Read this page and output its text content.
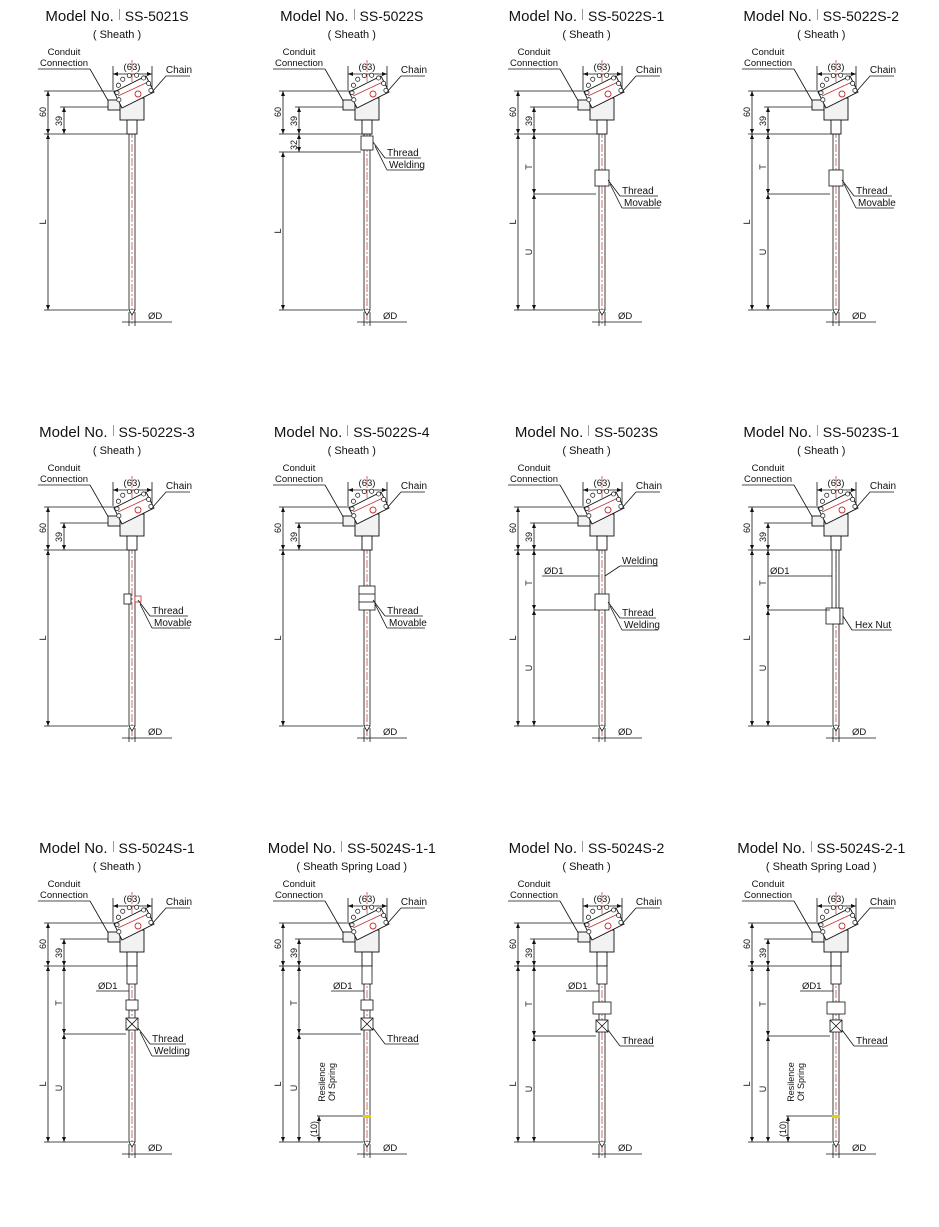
Model No. SS-5021S
( Sheath )
Conduit
Connection	(63)	Chain
60
39
ØD
L
Model No. SS-5022S
( Sheath )
Conduit
Connection	(63)	Chain
60
39
ØD
32
L
Thread
Welding
Model No. SS-5022S-1
( Sheath )
Conduit
Connection	(63)	Chain
60
39
ØD
L
T
U
Thread
Movable
Model No. SS-5022S-2
( Sheath )
Conduit
Connection	(63)	Chain
60
39
ØD
L
T
U
Thread
Movable
Model No. SS-5022S-3
( Sheath )
Conduit
Connection	(63)	Chain
60
39
ØD
L
Thread
Movable
Model No. SS-5022S-4
( Sheath )
Conduit
Connection	(63)	Chain
60
39
ØD
L
Thread
Movable
Model No. SS-5023S
( Sheath )
Conduit
Connection	(63)	Chain
60
39
ØD
L
ØD1
Welding
T
U
Thread
Welding
Model No. SS-5023S-1
( Sheath )
Conduit
Connection	(63)	Chain
60
39
ØD
L
ØD1
T
U
Hex Nut
Model No. SS-5024S-1
( Sheath )
Conduit
Connection	(63)	Chain
60
39
ØD
L
ØD1
T
U
Thread
Welding
Model No. SS-5024S-1-1
( Sheath Spring Load )
Conduit
Connection	(63)	Chain
60
39
ØD
L
ØD1
T
U
Thread
(10)
Resilence Of Spring
Model No. SS-5024S-2
( Sheath )
Conduit
Connection	(63)	Chain
60
39
ØD
L
ØD1
T
U
Thread
Model No. SS-5024S-2-1
( Sheath Spring Load )
Conduit
Connection	(63)	Chain
60
39
ØD
L
ØD1
T
U
Thread
(10)
Resilence Of Spring
